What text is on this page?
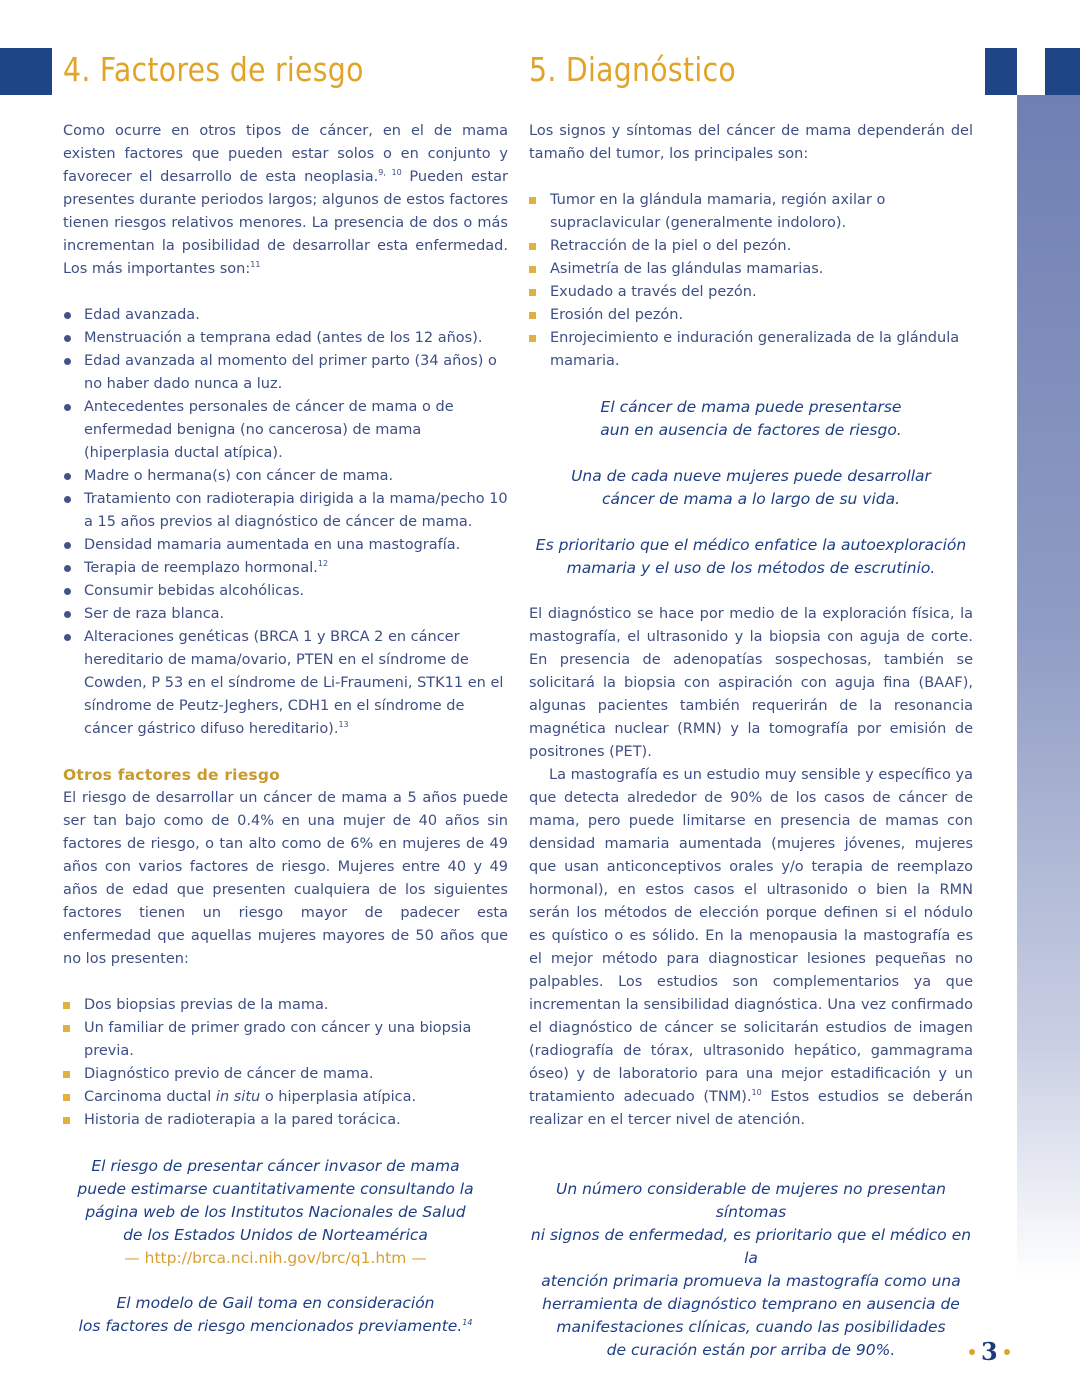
4. Factores de riesgo	5. Diagnóstico

Como ocurre en otros tipos de cáncer, en el de mama existen factores que pueden estar solos o en conjunto y favorecer el desarrollo de esta neoplasia.$^{9, 10}$ Pueden estar presentes durante periodos largos; algunos de estos factores tienen riesgos relativos menores. La presencia de dos o más incrementan la posibilidad de desarrollar esta enfermedad. Los más importantes son:$^{11}$

Edad avanzada.
Menstruación a temprana edad (antes de los 12 años).
Edad avanzada al momento del primer parto (34 años) o no haber dado nunca a luz.
Antecedentes personales de cáncer de mama o de enfermedad benigna (no cancerosa) de mama (hiperplasia ductal atípica).
Madre o hermana(s) con cáncer de mama.
Tratamiento con radioterapia dirigida a la mama/pecho 10 a 15 años previos al diagnóstico de cáncer de mama.
Densidad mamaria aumentada en una mastografía.
Terapia de reemplazo hormonal.$^{12}$
Consumir bebidas alcohólicas.
Ser de raza blanca.
Alteraciones genéticas (BRCA 1 y BRCA 2 en cáncer hereditario de mama/ovario, PTEN en el síndrome de Cowden, P 53 en el síndrome de Li-Fraumeni, STK11 en el síndrome de Peutz-Jeghers, CDH1 en el síndrome de cáncer gástrico difuso hereditario).$^{13}$

Otros factores de riesgo

El riesgo de desarrollar un cáncer de mama a 5 años puede ser tan bajo como de 0.4% en una mujer de 40 años sin factores de riesgo, o tan alto como de 6% en mujeres de 49 años con varios factores de riesgo. Mujeres entre 40 y 49 años de edad que presenten cualquiera de los siguientes factores tienen un riesgo mayor de padecer esta enfermedad que aquellas mujeres mayores de 50 años que no los presenten:

Dos biopsias previas de la mama.
Un familiar de primer grado con cáncer y una biopsia previa.
Diagnóstico previo de cáncer de mama.
Carcinoma ductal in situ o hiperplasia atípica.
Historia de radioterapia a la pared torácica.

El riesgo de presentar cáncer invasor de mama

puede estimarse cuantitativamente consultando la

página web de los Institutos Nacionales de Salud

de los Estados Unidos de Norteamérica

— http://brca.nci.nih.gov/brc/q1.htm —

El modelo de Gail toma en consideración

los factores de riesgo mencionados previamente.$^{14}$

Los signos y síntomas del cáncer de mama dependerán del tamaño del tumor, los principales son:

Tumor en la glándula mamaria, región axilar o supraclavicular (generalmente indoloro).
Retracción de la piel o del pezón.
Asimetría de las glándulas mamarias.
Exudado a través del pezón.
Erosión del pezón.
Enrojecimiento e induración generalizada de la glándula mamaria.

El cáncer de mama puede presentarse

aun en ausencia de factores de riesgo.

Una de cada nueve mujeres puede desarrollar

cáncer de mama a lo largo de su vida.

Es prioritario que el médico enfatice la autoexploración

mamaria y el uso de los métodos de escrutinio.

El diagnóstico se hace por medio de la exploración física, la mastografía, el ultrasonido y la biopsia con aguja de corte. En presencia de adenopatías sospechosas, también se solicitará la biopsia con aspiración con aguja fina (BAAF), algunas pacientes también requerirán de la resonancia magnética nuclear (RMN) y la tomografía por emisión de positrones (PET).

La mastografía es un estudio muy sensible y específico ya que detecta alrededor de 90% de los casos de cáncer de mama, pero puede limitarse en presencia de mamas con densidad mamaria aumentada (mujeres jóvenes, mujeres que usan anticonceptivos orales y/o terapia de reemplazo hormonal), en estos casos el ultrasonido o bien la RMN serán los métodos de elección porque definen si el nódulo es quístico o es sólido. En la menopausia la mastografía es el mejor método para diagnosticar lesiones pequeñas no palpables. Los estudios son complementarios ya que incrementan la sensibilidad diagnóstica. Una vez confirmado el diagnóstico de cáncer se solicitarán estudios de imagen (radiografía de tórax, ultrasonido hepático, gammagrama óseo) y de laboratorio para una mejor estadificación y un tratamiento adecuado (TNM).$^{10}$ Estos estudios se deberán realizar en el tercer nivel de atención.

Un número considerable de mujeres no presentan síntomas

ni signos de enfermedad, es prioritario que el médico en la

atención primaria promueva la mastografía como una

herramienta de diagnóstico temprano en ausencia de

manifestaciones clínicas, cuando las posibilidades

de curación están por arriba de 90%.	3
